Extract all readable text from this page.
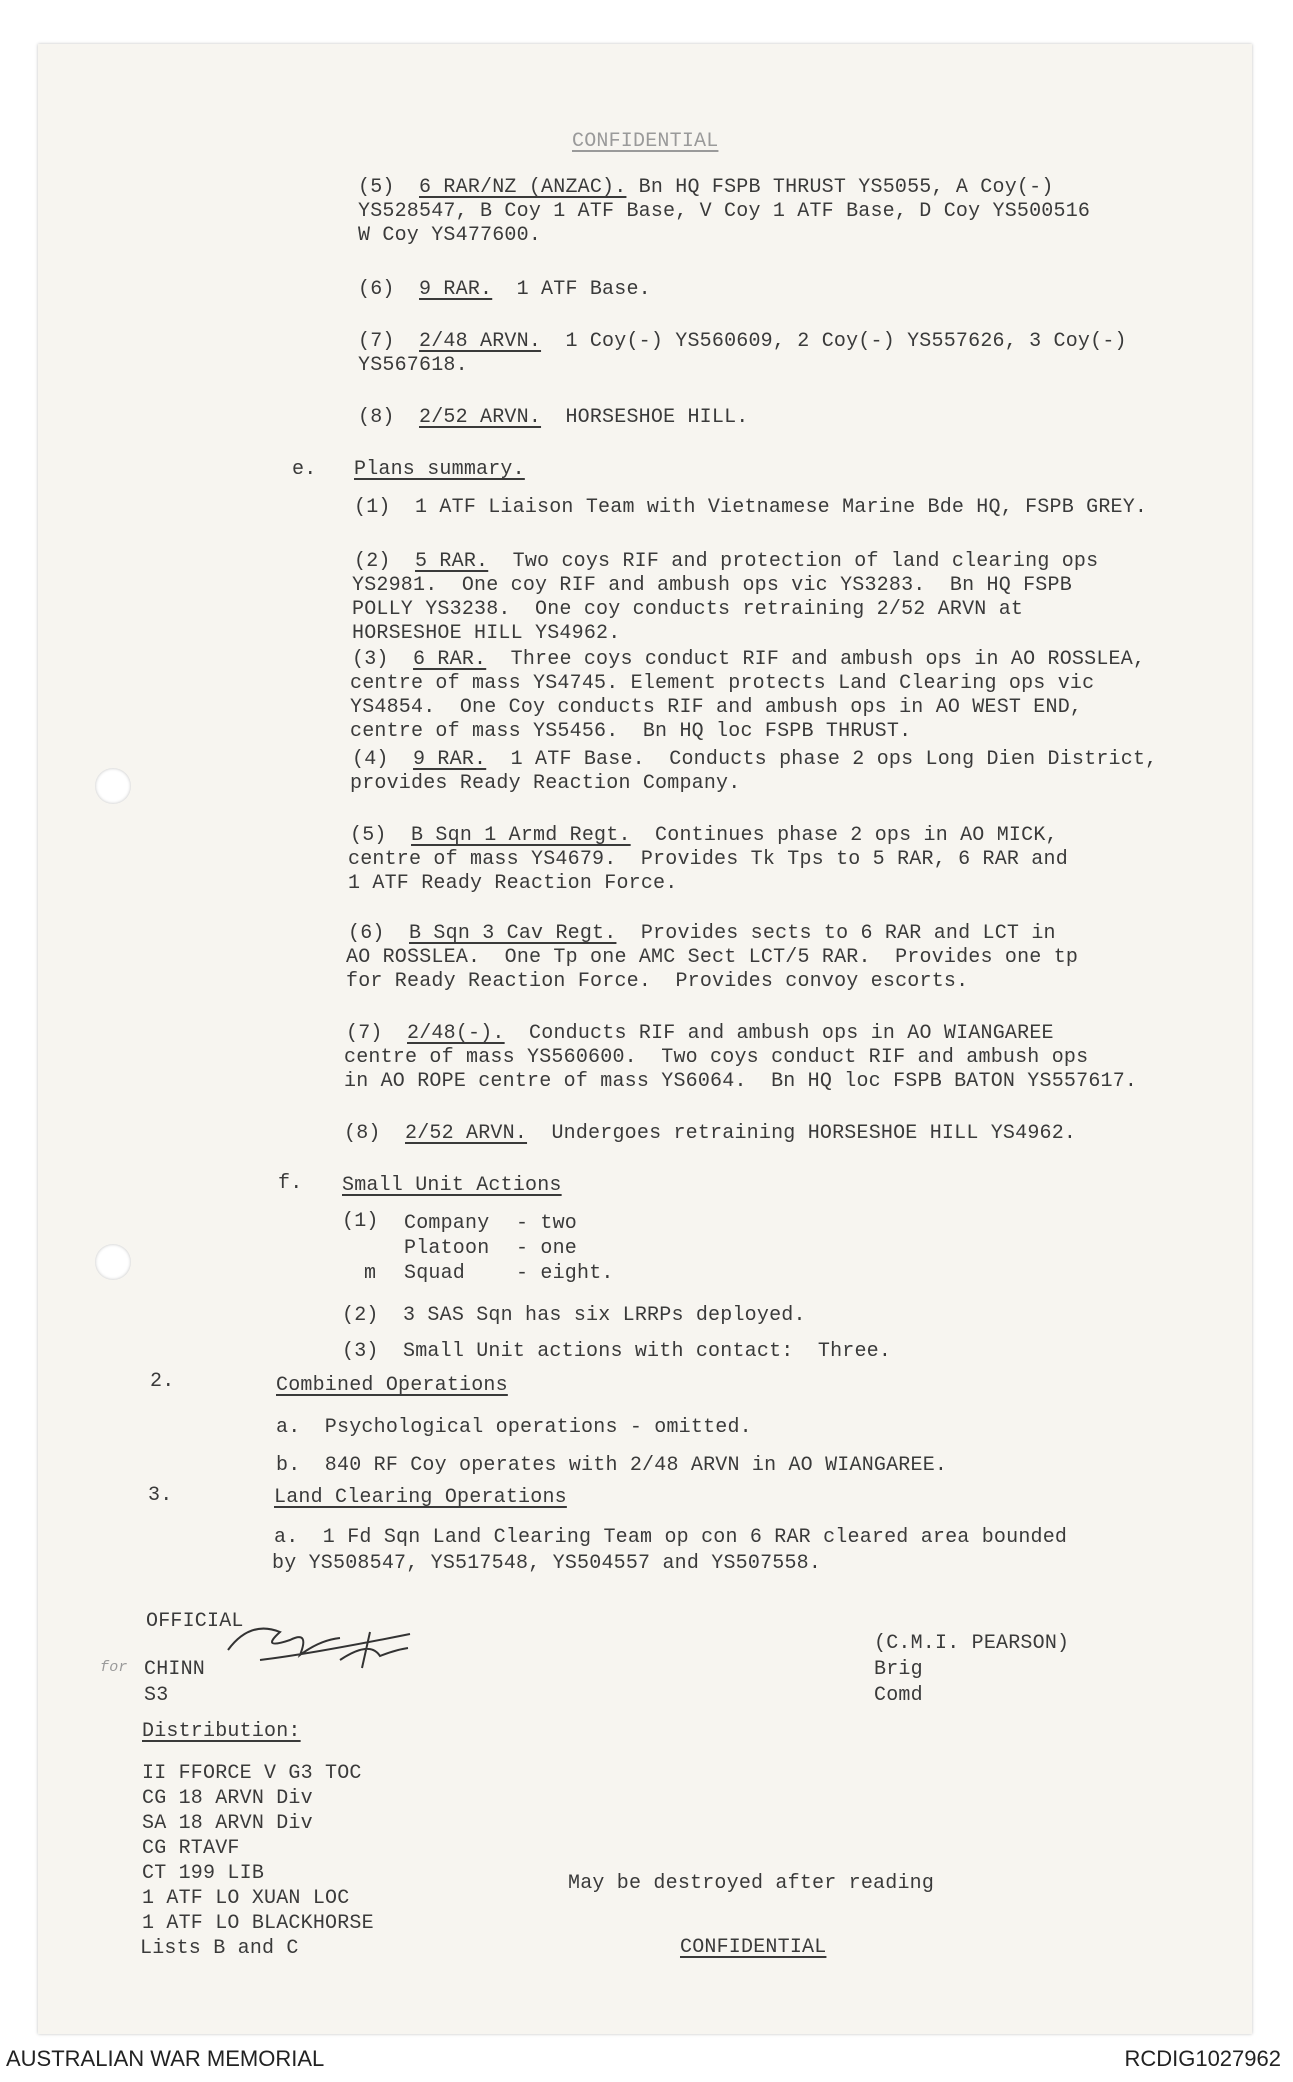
CONFIDENTIAL
(5) 6 RAR/NZ (ANZAC). Bn HQ FSPB THRUST YS5055, A Coy(-)
YS528547, B Coy 1 ATF Base, V Coy 1 ATF Base, D Coy YS500516
W Coy YS477600.
(6) 9 RAR.  1 ATF Base.
(7) 2/48 ARVN.  1 Coy(-) YS560609, 2 Coy(-) YS557626, 3 Coy(-)
YS567618.
(8) 2/52 ARVN.  HORSESHOE HILL.
e. Plans summary.
(1)  1 ATF Liaison Team with Vietnamese Marine Bde HQ, FSPB GREY.
(2) 5 RAR.  Two coys RIF and protection of land clearing ops
YS2981.  One coy RIF and ambush ops vic YS3283.  Bn HQ FSPB
POLLY YS3238.  One coy conducts retraining 2/52 ARVN at
HORSESHOE HILL YS4962.
(3) 6 RAR.  Three coys conduct RIF and ambush ops in AO ROSSLEA,
centre of mass YS4745. Element protects Land Clearing ops vic
YS4854.  One Coy conducts RIF and ambush ops in AO WEST END,
centre of mass YS5456.  Bn HQ loc FSPB THRUST.
(4) 9 RAR.  1 ATF Base.  Conducts phase 2 ops Long Dien District,
provides Ready Reaction Company.
(5) B Sqn 1 Armd Regt.  Continues phase 2 ops in AO MICK,
centre of mass YS4679.  Provides Tk Tps to 5 RAR, 6 RAR and
1 ATF Ready Reaction Force.
(6) B Sqn 3 Cav Regt.  Provides sects to 6 RAR and LCT in
AO ROSSLEA.  One Tp one AMC Sect LCT/5 RAR.  Provides one tp
for Ready Reaction Force.  Provides convoy escorts.
(7) 2/48(-).  Conducts RIF and ambush ops in AO WIANGAREE
centre of mass YS560600.  Two coys conduct RIF and ambush ops
in AO ROPE centre of mass YS6064.  Bn HQ loc FSPB BATON YS557617.
(8) 2/52 ARVN.  Undergoes retraining HORSESHOE HILL YS4962.
f. Small Unit Actions
(1) Company - two
Platoon - one
m Squad	- eight.
(2)  3 SAS Sqn has six LRRPs deployed.
(3)  Small Unit actions with contact:  Three.
2.	Combined Operations
a.  Psychological operations - omitted.
b.  840 RF Coy operates with 2/48 ARVN in AO WIANGAREE.
3.	Land Clearing Operations
a.  1 Fd Sqn Land Clearing Team op con 6 RAR cleared area bounded
by YS508547, YS517548, YS504557 and YS507558.
OFFICIAL
for CHINN
S3
(C.M.I. PEARSON)
Brig
Comd
Distribution:
II FFORCE V G3 TOC
CG 18 ARVN Div
SA 18 ARVN Div
CG RTAVF
CT 199 LIB
1 ATF LO XUAN LOC
1 ATF LO BLACKHORSE
Lists B and C
May be destroyed after reading
CONFIDENTIAL
AUSTRALIAN WAR MEMORIAL	RCDIG1027962
